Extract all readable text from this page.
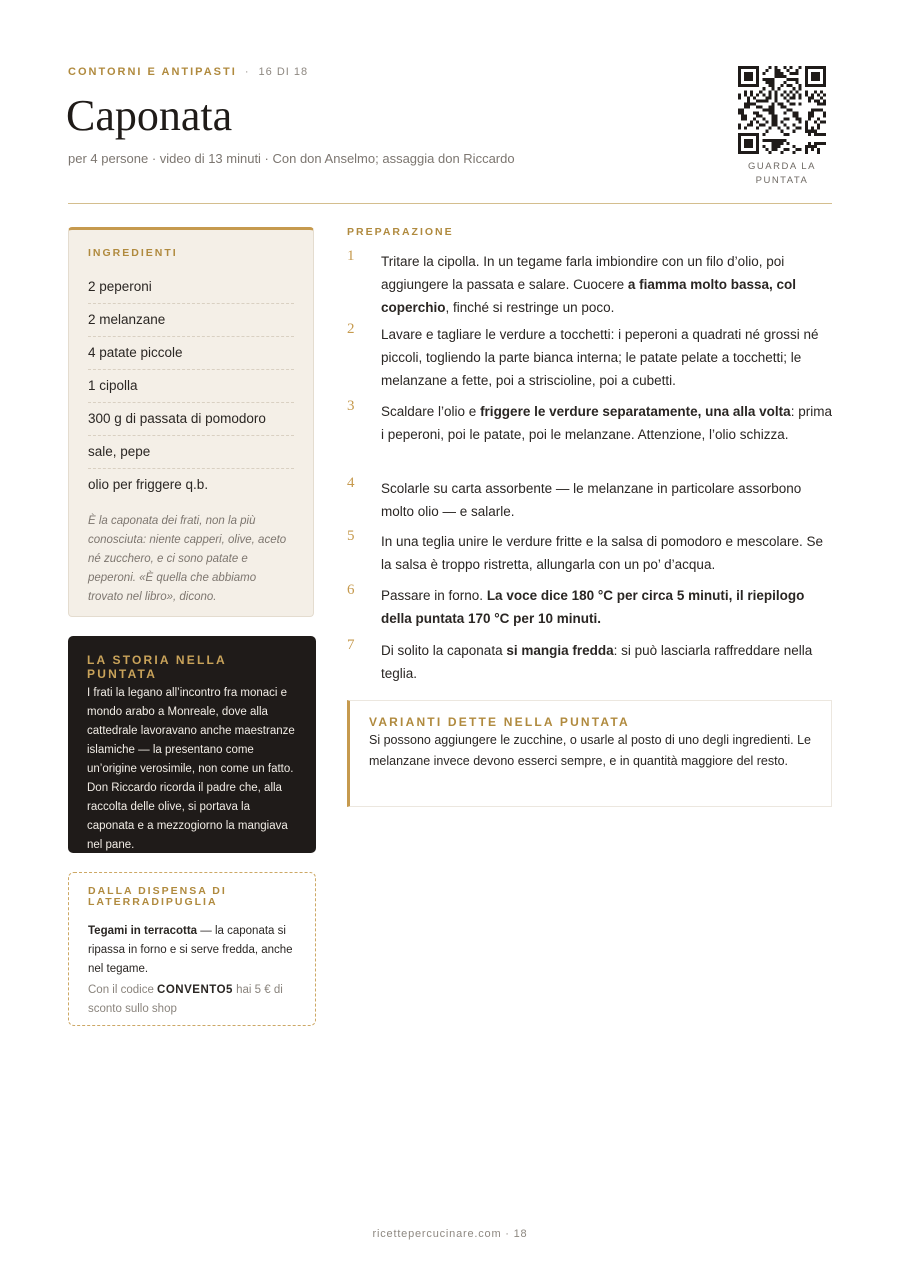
CONTORNI E ANTIPASTI · 16 DI 18
Caponata
per 4 persone · video di 13 minuti · Con don Anselmo; assaggia don Riccardo
GUARDA LA PUNTATA
INGREDIENTI
2 peperoni
2 melanzane
4 patate piccole
1 cipolla
300 g di passata di pomodoro
sale, pepe
olio per friggere q.b.
È la caponata dei frati, non la più conosciuta: niente capperi, olive, aceto né zucchero, e ci sono patate e peperoni. «È quella che abbiamo trovato nel libro», dicono.
LA STORIA NELLA PUNTATA
I frati la legano all’incontro fra monaci e mondo arabo a Monreale, dove alla cattedrale lavoravano anche maestranze islamiche — la presentano come un’origine verosimile, non come un fatto. Don Riccardo ricorda il padre che, alla raccolta delle olive, si portava la caponata e a mezzogiorno la mangiava nel pane.
DALLA DISPENSA DI LATERRADIPUGLIA
Tegami in terracotta — la caponata si ripassa in forno e si serve fredda, anche nel tegame.
Con il codice CONVENTO5 hai 5 € di sconto sullo shop
PREPARAZIONE
1	Tritare la cipolla. In un tegame farla imbiondire con un filo d’olio, poi aggiungere la passata e salare. Cuocere a fiamma molto bassa, col coperchio, finché si restringe un poco.
2	Lavare e tagliare le verdure a tocchetti: i peperoni a quadrati né grossi né piccoli, togliendo la parte bianca interna; le patate pelate a tocchetti; le melanzane a fette, poi a striscioline, poi a cubetti.
3	Scaldare l’olio e friggere le verdure separatamente, una alla volta: prima i peperoni, poi le patate, poi le melanzane. Attenzione, l’olio schizza.
4	Scolarle su carta assorbente — le melanzane in particolare assorbono molto olio — e salarle.
5	In una teglia unire le verdure fritte e la salsa di pomodoro e mescolare. Se la salsa è troppo ristretta, allungarla con un po’ d’acqua.
6	Passare in forno. La voce dice 180 °C per circa 5 minuti, il riepilogo della puntata 170 °C per 10 minuti.
7	Di solito la caponata si mangia fredda: si può lasciarla raffreddare nella teglia.
VARIANTI DETTE NELLA PUNTATA
Si possono aggiungere le zucchine, o usarle al posto di uno degli ingredienti. Le melanzane invece devono esserci sempre, e in quantità maggiore del resto.
ricettepercucinare.com · 18
